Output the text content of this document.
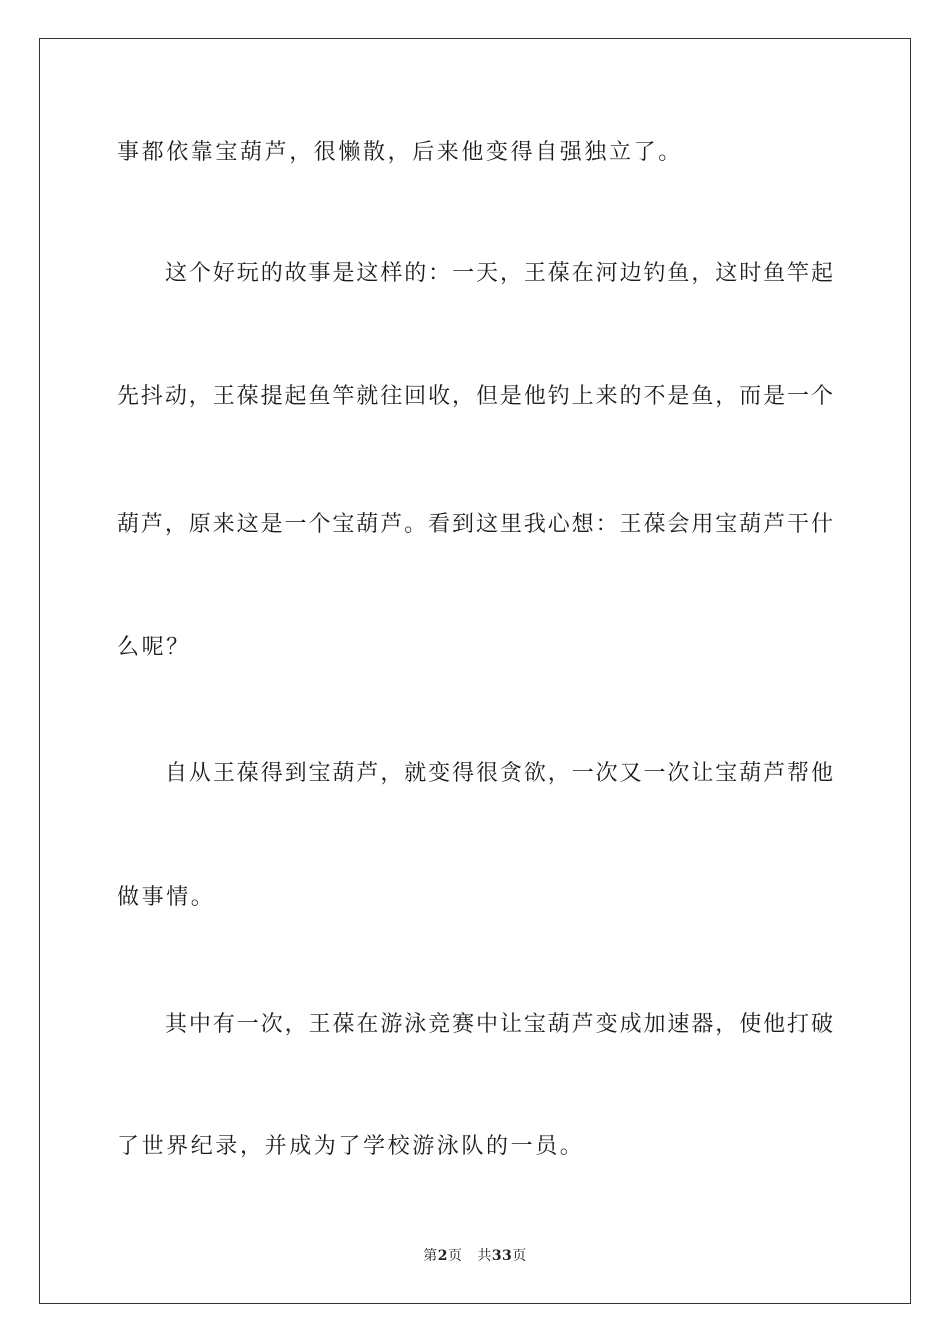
事都依靠宝葫芦，很懒散，后来他变得自强独立了。
这个好玩的故事是这样的：一天，王葆在河边钓鱼，这时鱼竿起
先抖动，王葆提起鱼竿就往回收，但是他钓上来的不是鱼，而是一个
葫芦，原来这是一个宝葫芦。看到这里我心想：王葆会用宝葫芦干什
么呢？
自从王葆得到宝葫芦，就变得很贪欲，一次又一次让宝葫芦帮他
做事情。
其中有一次，王葆在游泳竞赛中让宝葫芦变成加速器，使他打破
了世界纪录，并成为了学校游泳队的一员。
第2页 共33页
